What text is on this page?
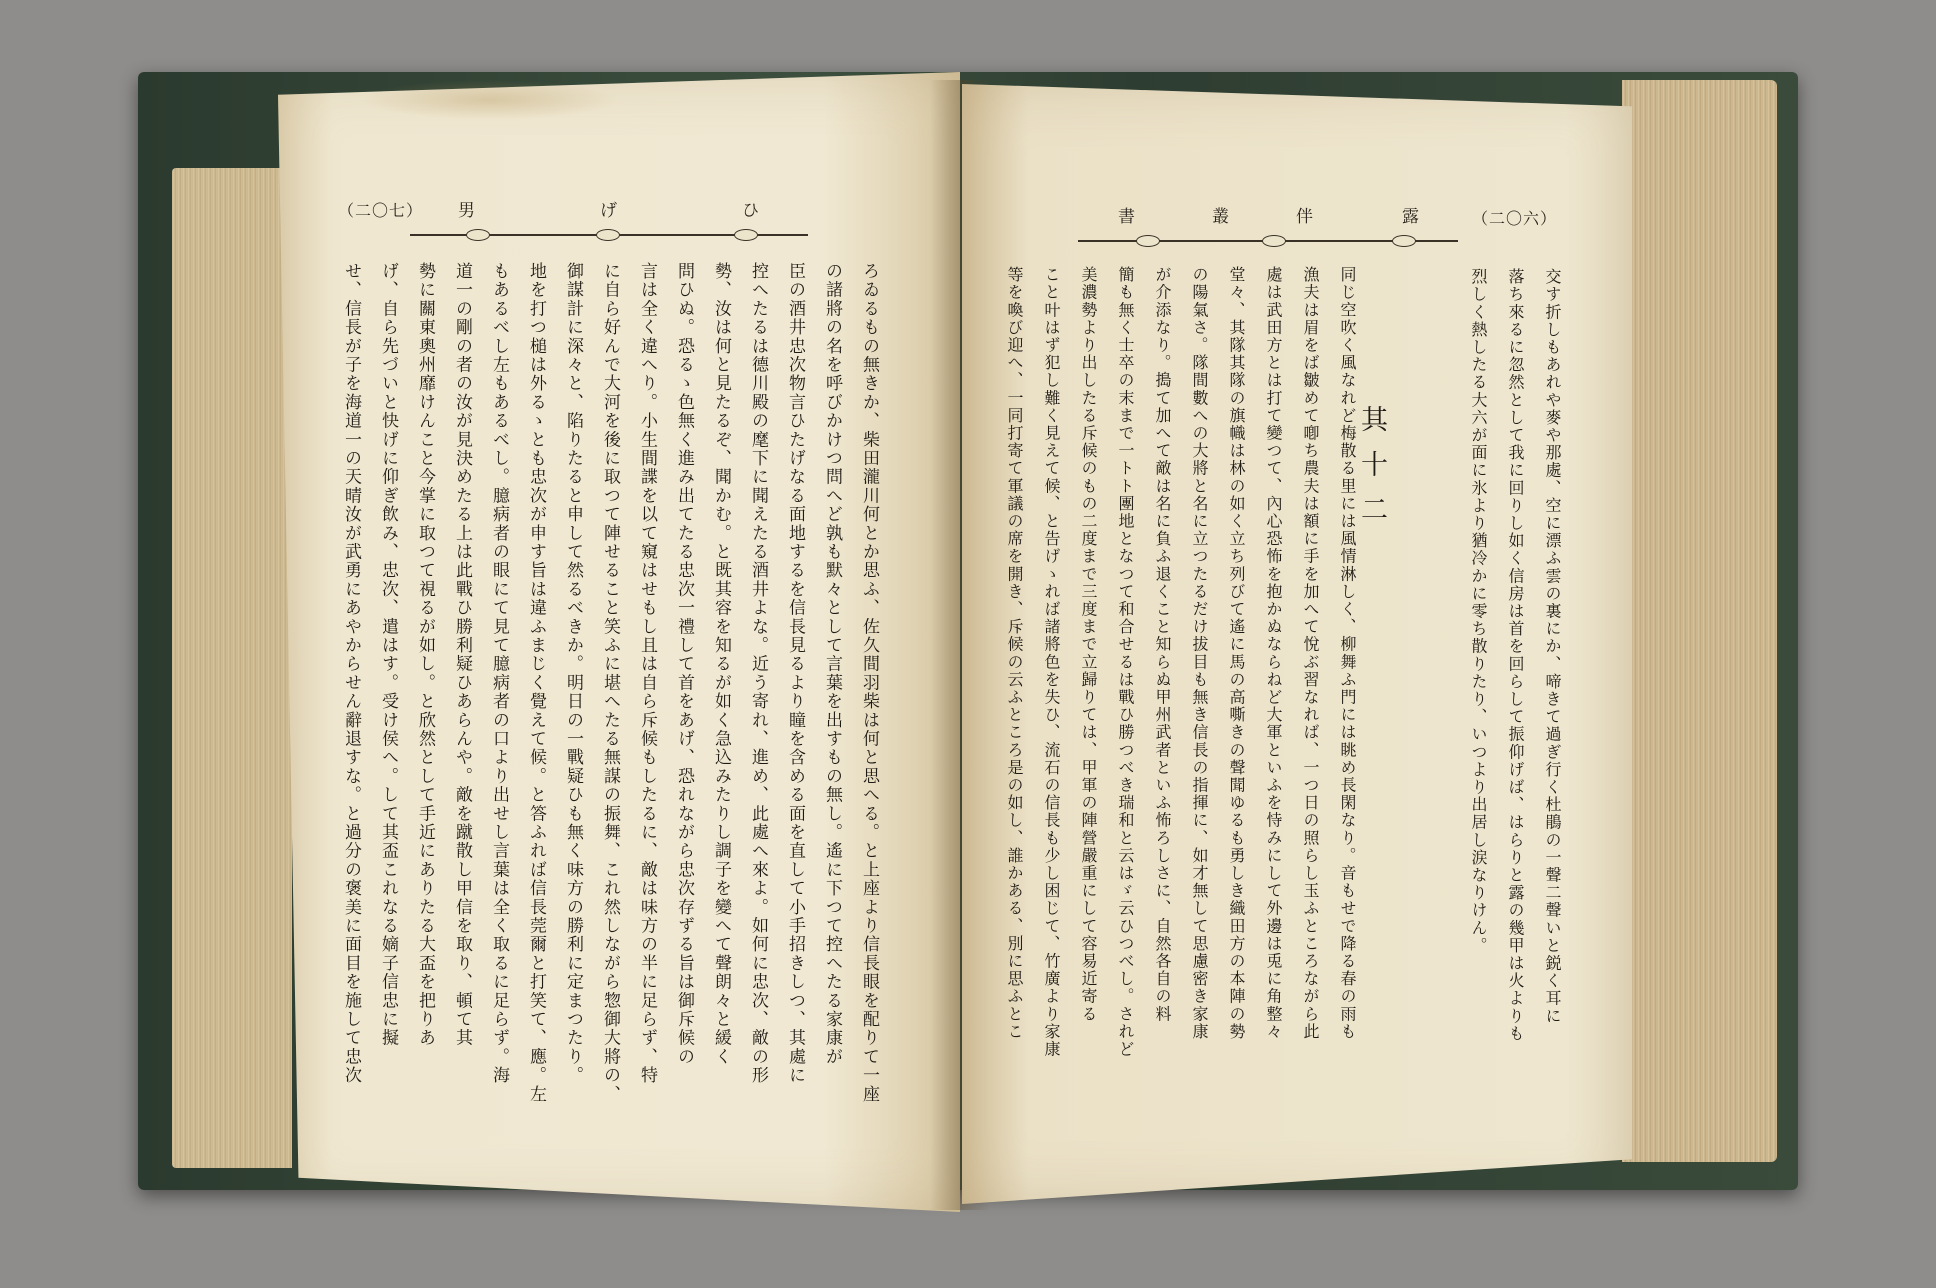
（二〇七） 男	げ	ひ
ろゐるもの無きか、柴田瀧川何とか思ふ、佐久間羽柴は何と思へる。と上座より信長眼を配りて一座
の諸將の名を呼びかけつ問へど孰も默々として言葉を出すもの無し。遙に下つて控へたる家康が
臣の酒井忠次物言ひたげなる面地するを信長見るより瞳を含める面を直して小手招きしつ、其處に
控へたるは德川殿の麾下に聞えたる酒井よな。近う寄れ、進め、此處へ來よ。如何に忠次、敵の形
勢、汝は何と見たるぞ、聞かむ。と既其容を知るが如く急込みたりし調子を變へて聲朗々と緩く
問ひぬ。恐るゝ色無く進み出てたる忠次一禮して首をあげ、恐れながら忠次存ずる旨は御斥候の
言は全く違へり。小生間諜を以て窺はせもし且は自ら斥候もしたるに、敵は味方の半に足らず、特
に自ら好んで大河を後に取つて陣せること笑ふに堪へたる無謀の振舞、これ然しながら惣御大將の、
御謀計に深々と、陷りたると申して然るべきか。明日の一戰疑ひも無く味方の勝利に定まつたり。
地を打つ槌は外るゝとも忠次が申す旨は違ふまじく覺えて候。と答ふれば信長莞爾と打笑て、應。左
もあるべし左もあるべし。臆病者の眼にて見て臆病者の口より出せし言葉は全く取るに足らず。海
道一の剛の者の汝が見決めたる上は此戰ひ勝利疑ひあらんや。敵を蹴散し甲信を取り、頓て其
勢に關東奧州靡けんこと今掌に取つて視るが如し。と欣然として手近にありたる大盃を把りあ
げ、自ら先づいと快げに仰ぎ飲み、忠次、遣はす。受け侯へ。して其盃これなる嫡子信忠に擬
せ、信長が子を海道一の天晴汝が武勇にあやからせん辭退すな。と過分の褒美に面目を施して忠次
書	叢	伴	露	（二〇六）
交す折しもあれや麥や那處、空に漂ふ雲の裏にか、啼きて過ぎ行く杜鵑の一聲二聲いと鋭く耳に
落ち來るに忽然として我に回りし如く信房は首を回らして振仰げば、はらりと露の幾甲は火よりも
烈しく熱したる大六が面に氷より猶冷かに零ち散りたり、いつより出居し涙なりけん。
其十二
同じ空吹く風なれど梅散る里には風情淋しく、柳舞ふ門には眺め長閑なり。音もせで降る春の雨も
漁夫は眉をば皺めて喞ち農夫は額に手を加へて悅ぶ習なれば、一つ日の照らし玉ふところながら此
處は武田方とは打て變つて、內心恐怖を抱かぬならねど大軍といふを恃みにして外邊は兎に角整々
堂々、其隊其隊の旗幟は林の如く立ち列びて遙に馬の高嘶きの聲聞ゆるも勇しき織田方の本陣の勢
の陽氣さ。隊間數への大將と名に立つたるだけ拔目も無き信長の指揮に、如才無して思慮密き家康
が介添なり。搗て加へて敵は名に負ふ退くこと知らぬ甲州武者といふ怖ろしさに、自然各自の料
簡も無く士卒の末まで一トト團地となつて和合せるは戰ひ勝つべき瑞和と云はゞ云ひつべし。されど
美濃勢より出したる斥候のもの二度まで三度まで立歸りては、甲軍の陣營嚴重にして容易近寄る
こと叶はず犯し難く見えて候、と告げゝれば諸將色を失ひ、流石の信長も少し困じて、竹廣より家康
等を喚び迎へ、一同打寄て軍議の席を開き、斥候の云ふところ是の如し、誰かある、別に思ふとこ
